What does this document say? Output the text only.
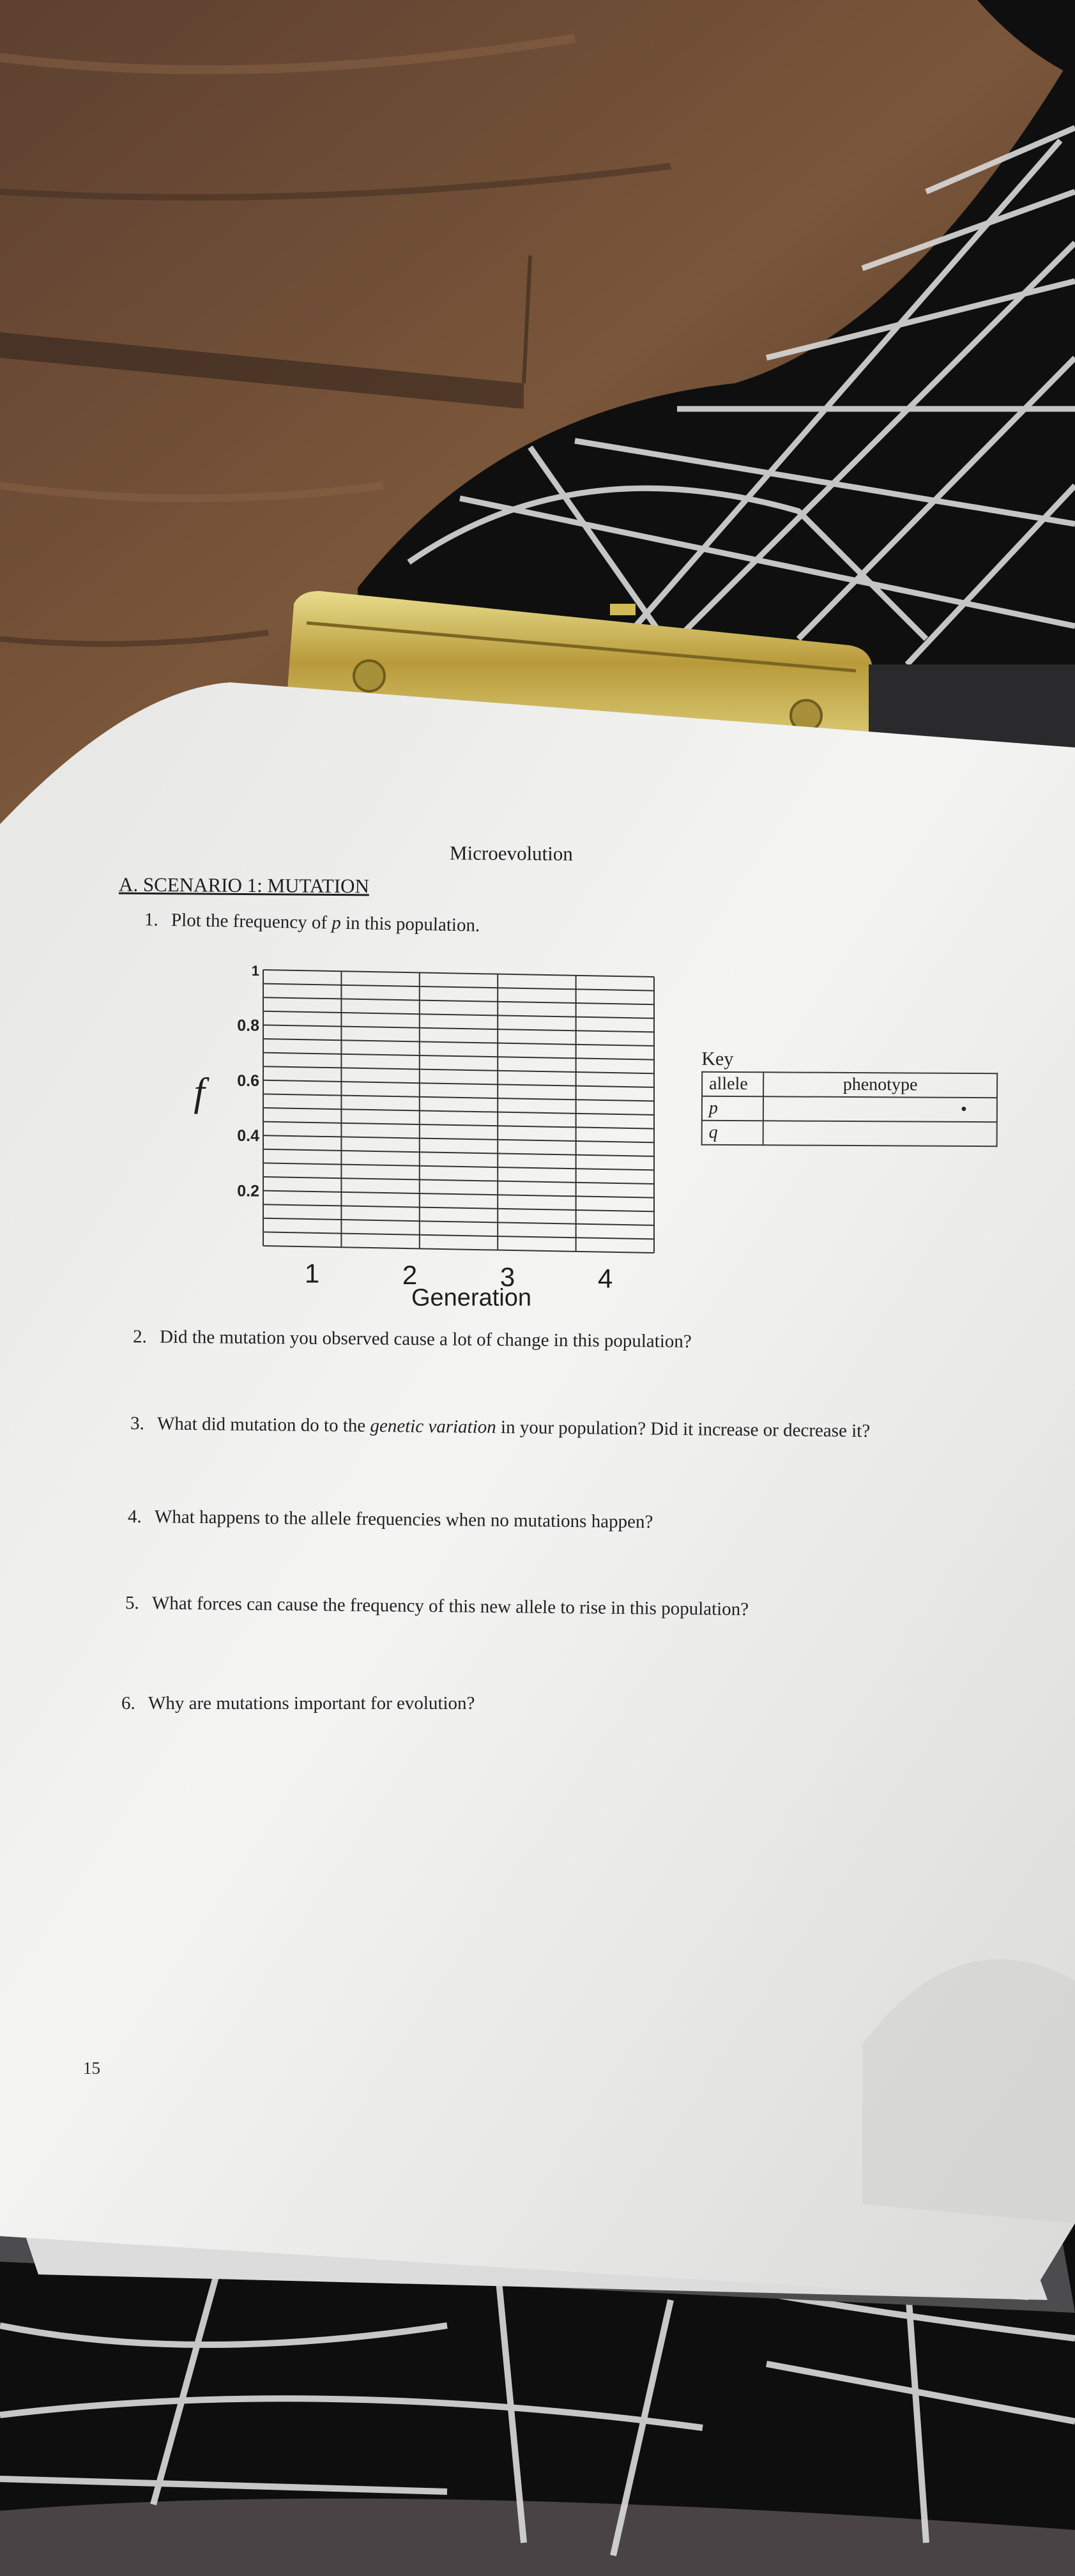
1
0.8
0.6
0.4
0.2
1	2	3	4
Generation
f
Microevolution
A. SCENARIO 1: MUTATION
1. Plot the frequency of p in this population.
Key
allele	phenotype
p	•
q	
2. Did the mutation you observed cause a lot of change in this population?
3. What did mutation do to the genetic variation in your population? Did it increase or decrease it?
4. What happens to the allele frequencies when no mutations happen?
5. What forces can cause the frequency of this new allele to rise in this population?
6. Why are mutations important for evolution?
15
